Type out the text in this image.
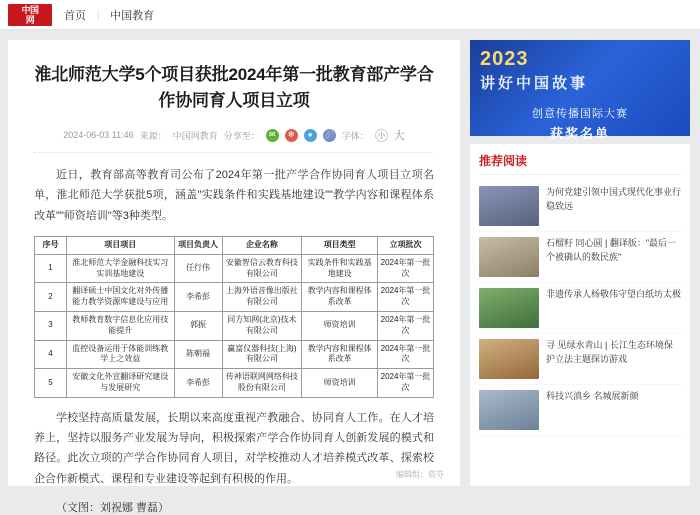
中国
网	首页 ｜ 中国教育
淮北师范大学5个项目获批2024年第一批教育部产学合作协同育人项目立项
2024-06-03 11:46 来源： 中国网教育 分享至：	✉	✻	●	🔗 字体：	小 大

近日，教育部高等教育司公布了2024年第一批产学合作协同育人项目立项名单，淮北师范大学获批5项，涵盖"实践条件和实践基地建设""教学内容和课程体系改革""师资培训"等3种类型。

序号	项目项目	项目负责人	企业名称	项目类型	立项批次
1	淮北师范大学金融科技实习实训基地建设	任行伟	安徽智信云教育科技有限公司	实践条件和实践基地建设	2024年第一批次
2	翻译硕士中国文化对外传播能力教学资源库建设与应用	李希彭	上海外语音像出版社有限公司	教学内容和课程体系改革	2024年第一批次
3	教师教育数字信息化应用技能提升	郭振	同方知网(北京)技术有限公司	师资培训	2024年第一批次
4	监控设备运用于体能训练教学上之效益	陈朝福	赢富仪器科技(上海)有限公司	教学内容和课程体系改革	2024年第一批次
5	安徽文化外宣翻译研究建设与发展研究	李希彭	传神语联网网络科技股份有限公司	师资培训	2024年第一批次

学校坚持高质量发展，长期以来高度重视产教融合、协同育人工作。在人才培养上，坚持以服务产业发展为导向，积极探索产学合作协同育人创新发展的模式和路径。此次立项的产学合作协同育人项目，对学校推动人才培养模式改革、探索校企合作新模式、课程和专业建设等起到有积极的作用。

（文图：刘祝娜 曹磊）

编辑组：资芬
2023
讲好中国故事
创意传播国际大赛
获奖名单
推荐阅读
为何党建引领中国式现代化事业行稳致远
石榴籽 同心圆 | 翻译版："最后一个被确认的数民族"
非遗传承人杨敬伟守望白纸坊太极
寻 见绿水青山 | 长江生态环境保护立法主题探访游戏
科技兴滇乡 名城展新颜
